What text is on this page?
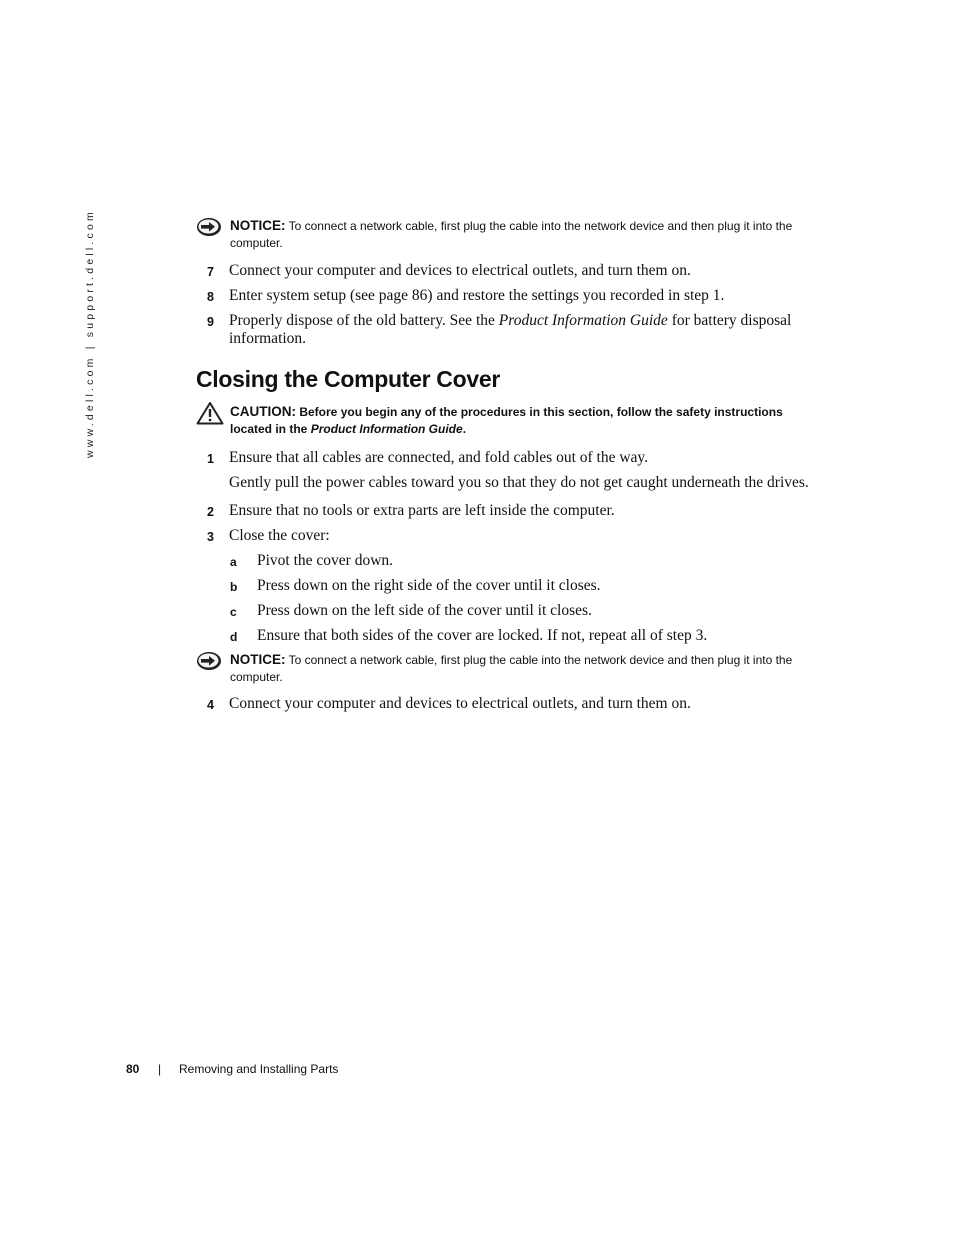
www.dell.com | support.dell.com	NOTICE: To connect a network cable, first plug the cable into the network device and then plug it into the computer.
7 Connect your computer and devices to electrical outlets, and turn them on.
8 Enter system setup (see page 86) and restore the settings you recorded in step 1.
9 Properly dispose of the old battery. See the Product Information Guide for battery disposal information.
Closing the Computer Cover
CAUTION: Before you begin any of the procedures in this section, follow the safety instructions located in the Product Information Guide.
1 Ensure that all cables are connected, and fold cables out of the way.
Gently pull the power cables toward you so that they do not get caught underneath the drives.
2 Ensure that no tools or extra parts are left inside the computer.
3 Close the cover:
a Pivot the cover down.
b Press down on the right side of the cover until it closes.
c Press down on the left side of the cover until it closes.
d Ensure that both sides of the cover are locked. If not, repeat all of step 3.
NOTICE: To connect a network cable, first plug the cable into the network device and then plug it into the computer.
4 Connect your computer and devices to electrical outlets, and turn them on.
80 | Removing and Installing Parts
